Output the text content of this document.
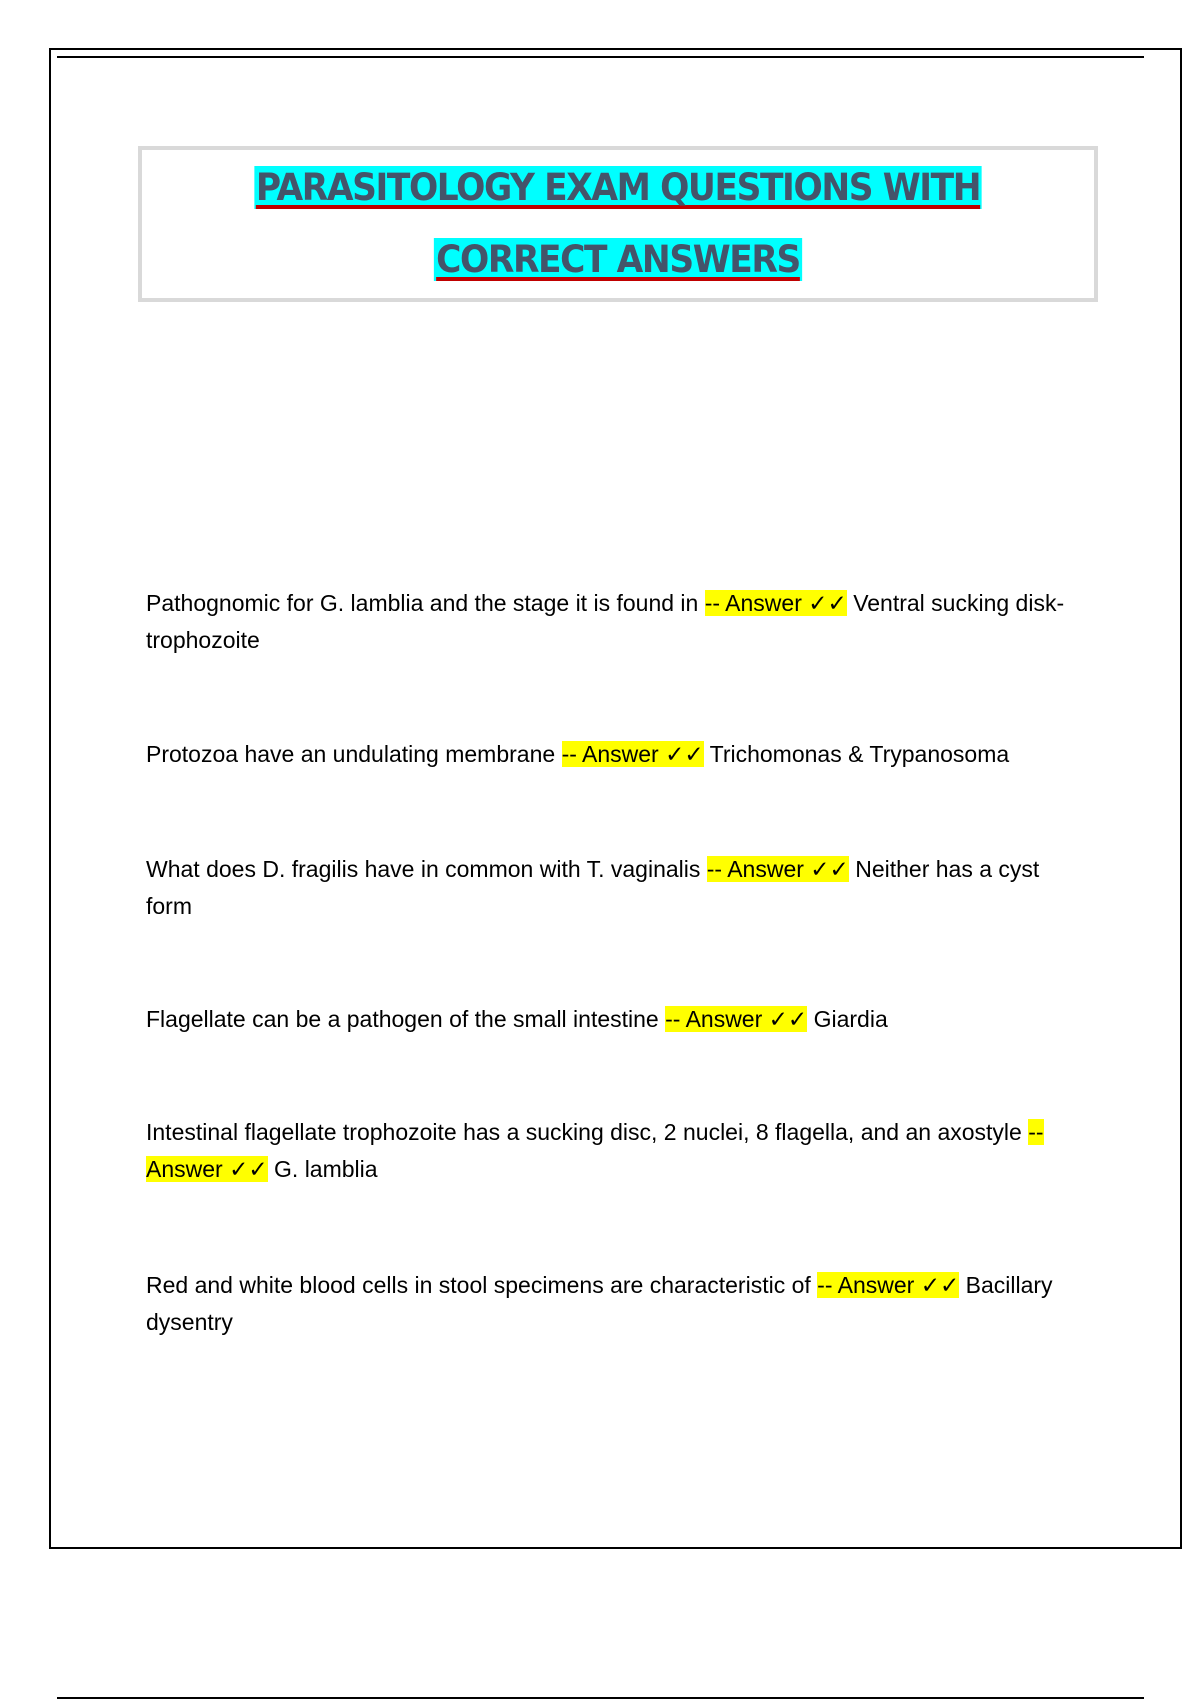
PARASITOLOGY EXAM QUESTIONS WITH CORRECT ANSWERS

Pathognomic for G. lamblia and the stage it is found in -- Answer ✓✓ Ventral sucking disk-trophozoite

Protozoa have an undulating membrane -- Answer ✓✓ Trichomonas & Trypanosoma

What does D. fragilis have in common with T. vaginalis -- Answer ✓✓ Neither has a cyst form

Flagellate can be a pathogen of the small intestine -- Answer ✓✓ Giardia

Intestinal flagellate trophozoite has a sucking disc, 2 nuclei, 8 flagella, and an axostyle -- Answer ✓✓ G. lamblia

Red and white blood cells in stool specimens are characteristic of -- Answer ✓✓ Bacillary dysentry
